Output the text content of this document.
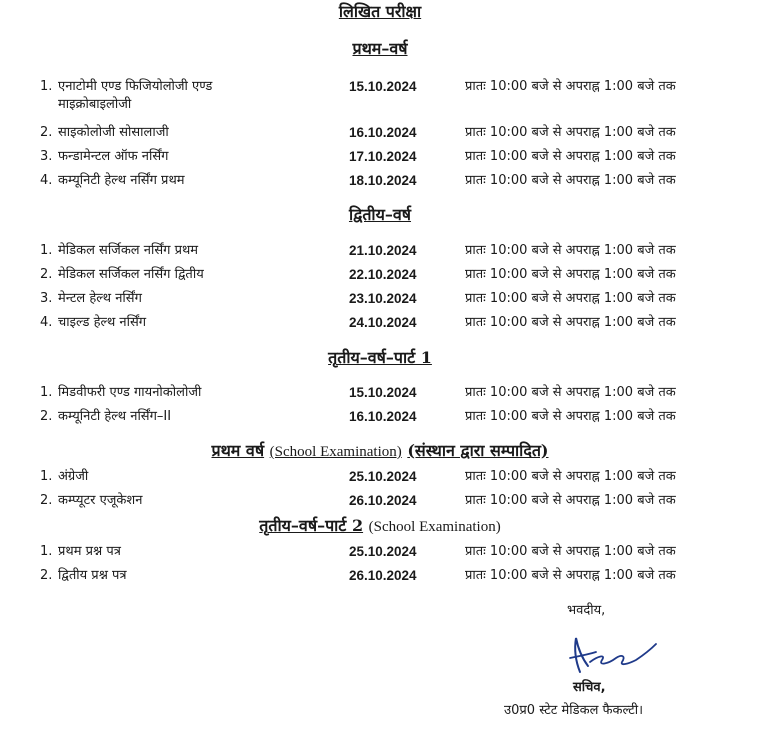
लिखित परीक्षा
प्रथम–वर्ष
1. एनाटोमी एण्ड फिजियोलोजी एण्ड
माइक्रोबाइलोजी
15.10.2024	प्रातः 10:00 बजे से अपराह्न 1:00 बजे तक
2. साइकोलोजी सोसालाजी	16.10.2024	प्रातः 10:00 बजे से अपराह्न 1:00 बजे तक
3. फन्डामेन्टल ऑफ नर्सिंग	17.10.2024	प्रातः 10:00 बजे से अपराह्न 1:00 बजे तक
4. कम्यूनिटी हेल्थ नर्सिंग प्रथम	18.10.2024	प्रातः 10:00 बजे से अपराह्न 1:00 बजे तक
द्वितीय–वर्ष
1. मेडिकल सर्जिकल नर्सिंग प्रथम	21.10.2024	प्रातः 10:00 बजे से अपराह्न 1:00 बजे तक
2. मेडिकल सर्जिकल नर्सिंग द्वितीय	22.10.2024	प्रातः 10:00 बजे से अपराह्न 1:00 बजे तक
3. मेन्टल हेल्थ नर्सिंग	23.10.2024	प्रातः 10:00 बजे से अपराह्न 1:00 बजे तक
4. चाइल्ड हेल्थ नर्सिंग	24.10.2024	प्रातः 10:00 बजे से अपराह्न 1:00 बजे तक
तृतीय–वर्ष–पार्ट 1
1. मिडवीफरी एण्ड गायनोकोलोजी	15.10.2024	प्रातः 10:00 बजे से अपराह्न 1:00 बजे तक
2. कम्यूनिटी हेल्थ नर्सिंग–II	16.10.2024	प्रातः 10:00 बजे से अपराह्न 1:00 बजे तक
प्रथम वर्ष (School Examination) (संस्थान द्वारा सम्पादित)
1. अंग्रेजी	25.10.2024	प्रातः 10:00 बजे से अपराह्न 1:00 बजे तक
2. कम्प्यूटर एजूकेशन	26.10.2024	प्रातः 10:00 बजे से अपराह्न 1:00 बजे तक
तृतीय–वर्ष–पार्ट 2 (School Examination)
1. प्रथम प्रश्न पत्र	25.10.2024	प्रातः 10:00 बजे से अपराह्न 1:00 बजे तक
2. द्वितीय प्रश्न पत्र	26.10.2024	प्रातः 10:00 बजे से अपराह्न 1:00 बजे तक
भवदीय,
सचिव,
उ0प्र0 स्टेट मेडिकल फैकल्टी।
